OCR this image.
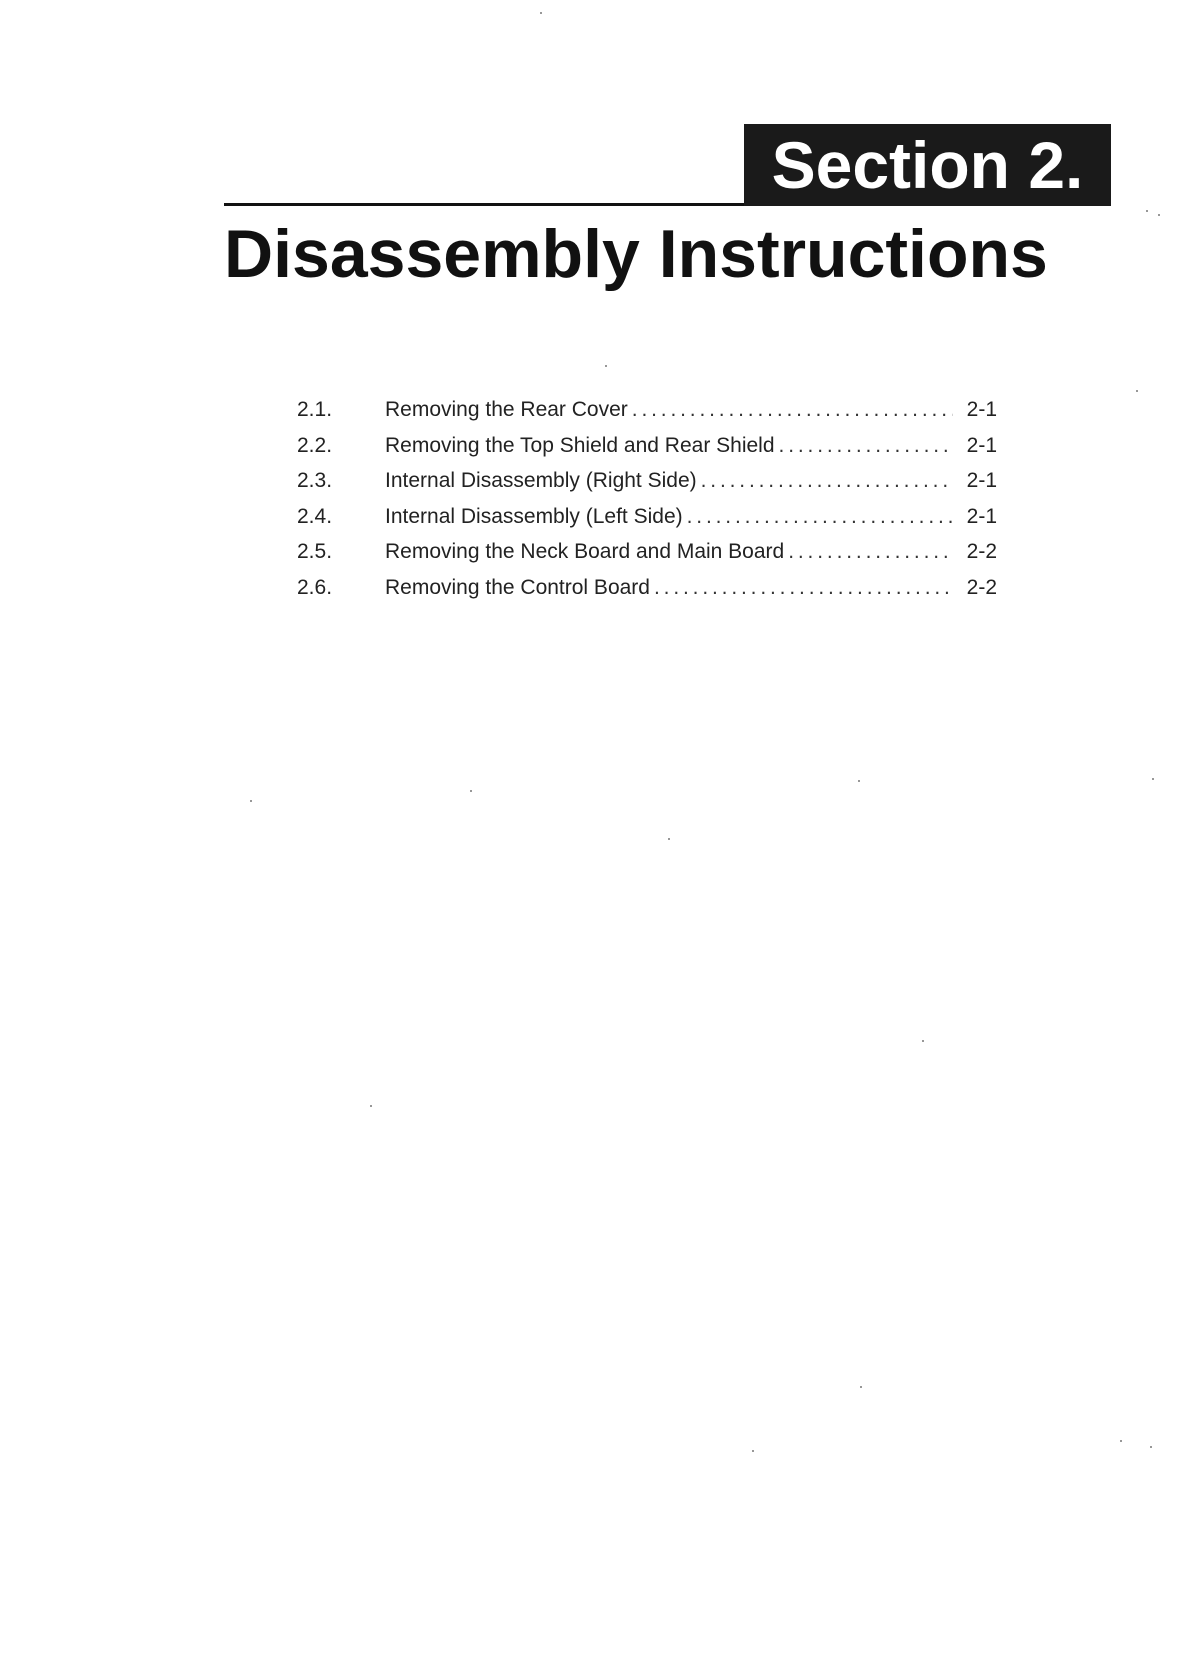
Section 2.
Disassembly Instructions
2.1.	Removing the Rear Cover . . .	2-1
2.2.	Removing the Top Shield and Rear Shield . . .	2-1
2.3.	Internal Disassembly (Right Side) . . .	2-1
2.4.	Internal Disassembly (Left Side) . . .	2-1
2.5.	Removing the Neck Board and Main Board . . .	2-2
2.6.	Removing the Control Board . . .	2-2
